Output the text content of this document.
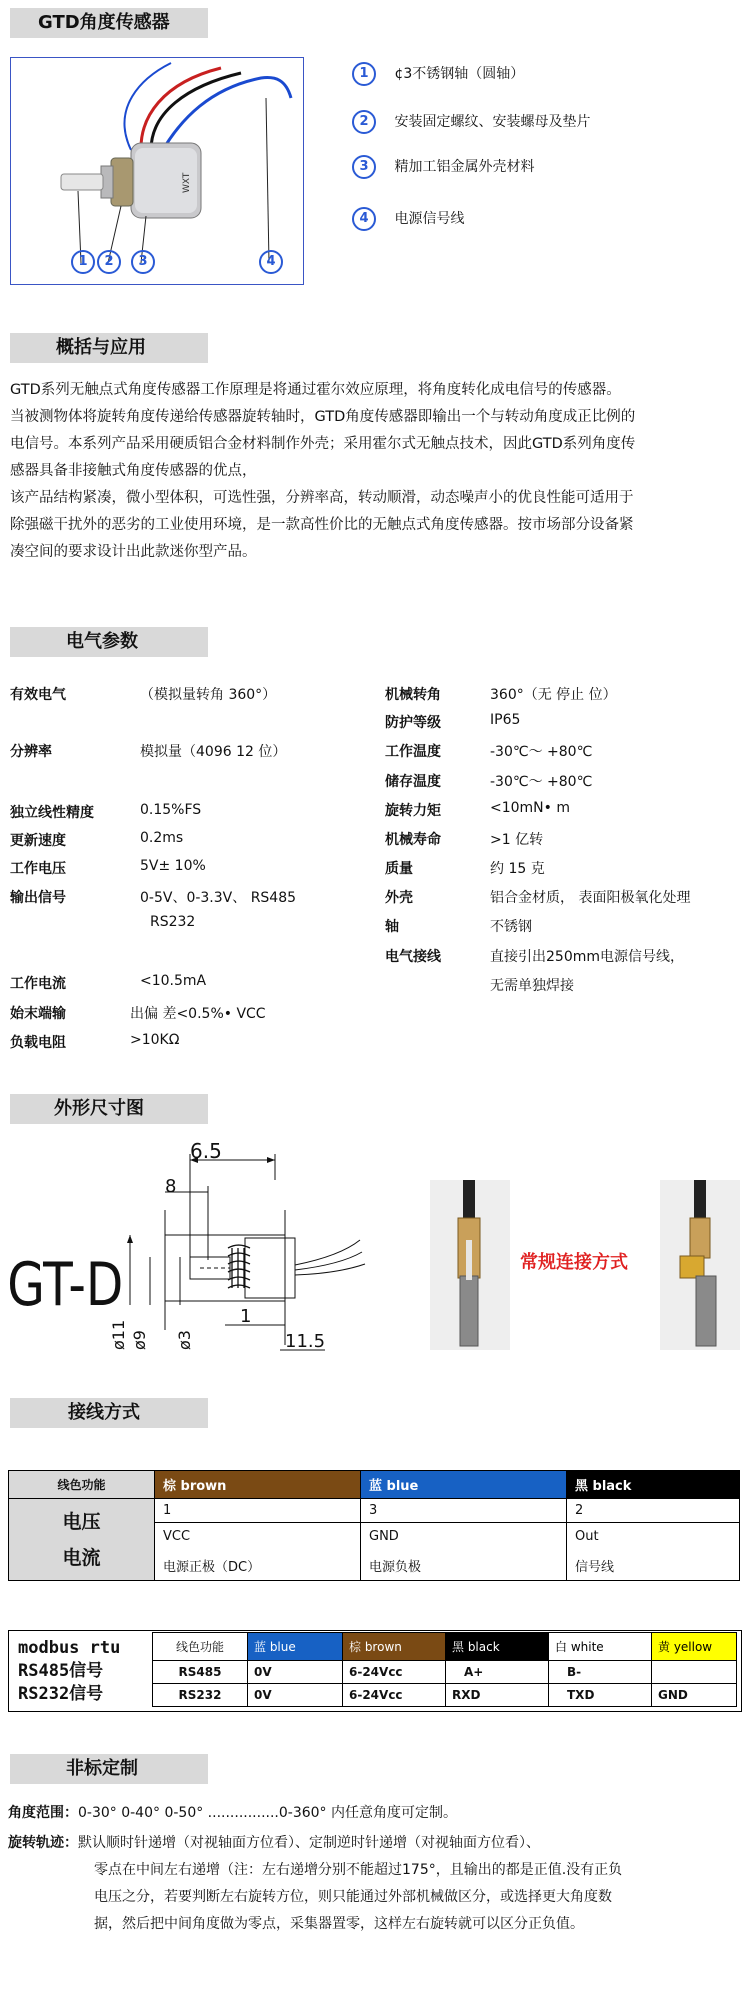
GTD角度传感器
WXT
1	2	3	4
1 ¢3不锈钢轴（圆轴）
2 安装固定螺纹、安装螺母及垫片
3 精加工铝金属外壳材料
4 电源信号线
概括与应用
GTD系列无触点式角度传感器工作原理是将通过霍尔效应原理，将角度转化成电信号的传感器。
当被测物体将旋转角度传递给传感器旋转轴时，GTD角度传感器即输出一个与转动角度成正比例的
电信号。本系列产品采用硬质铝合金材料制作外壳；采用霍尔式无触点技术，因此GTD系列角度传
感器具备非接触式角度传感器的优点，
该产品结构紧凑，微小型体积，可选性强，分辨率高，转动顺滑，动态噪声小的优良性能可适用于
除强磁干扰外的恶劣的工业使用环境，是一款高性价比的无触点式角度传感器。按市场部分设备紧
凑空间的要求设计出此款迷你型产品。
电气参数
有效电气	（模拟量转角 360°）
分辨率	模拟量（4096 12 位）
独立线性精度	0.15%FS
更新速度	0.2ms
工作电压	5V± 10%
输出信号	0-5V、0-3.3V、 RS485
RS232
工作电流	<10.5mA
始末端输	出偏 差<0.5%• VCC
负载电阻	>10KΩ
机械转角	360°（无 停止 位）
防护等级	IP65
工作温度	-30℃～ +80℃
储存温度	-30℃～ +80℃
旋转力矩	<10mN• m
机械寿命	>1 亿转
质量	约 15 克
外壳	铝合金材质， 表面阳极氧化处理
轴	不锈钢
电气接线	直接引出250mm电源信号线，
无需单独焊接
外形尺寸图
GT-D
6.5
8
1
11.5
ø11 ø9 ø3
常规连接方式
接线方式
线色功能	棕 brown	蓝 blue	黑 black

电压
电流	1	3	2
	VCC	GND	Out
	电源正极（DC）	电源负极	信号线
modbus rtu
RS485信号
RS232信号
线色功能	蓝 blue	棕 brown	黑 black	白 white	黄 yellow
RS485	0V	6-24Vcc	A+	B-	
RS232	0V	6-24Vcc	RXD	TXD	GND
非标定制
角度范围：0-30° 0-40° 0-50° ................0-360° 内任意角度可定制。
旋转轨迹：默认顺时针递增（对视轴面方位看）、定制逆时针递增（对视轴面方位看）、
零点在中间左右递增（注：左右递增分别不能超过175°，且输出的都是正值.没有正负
电压之分，若要判断左右旋转方位，则只能通过外部机械做区分，或选择更大角度数
据，然后把中间角度做为零点，采集器置零，这样左右旋转就可以区分正负值。
